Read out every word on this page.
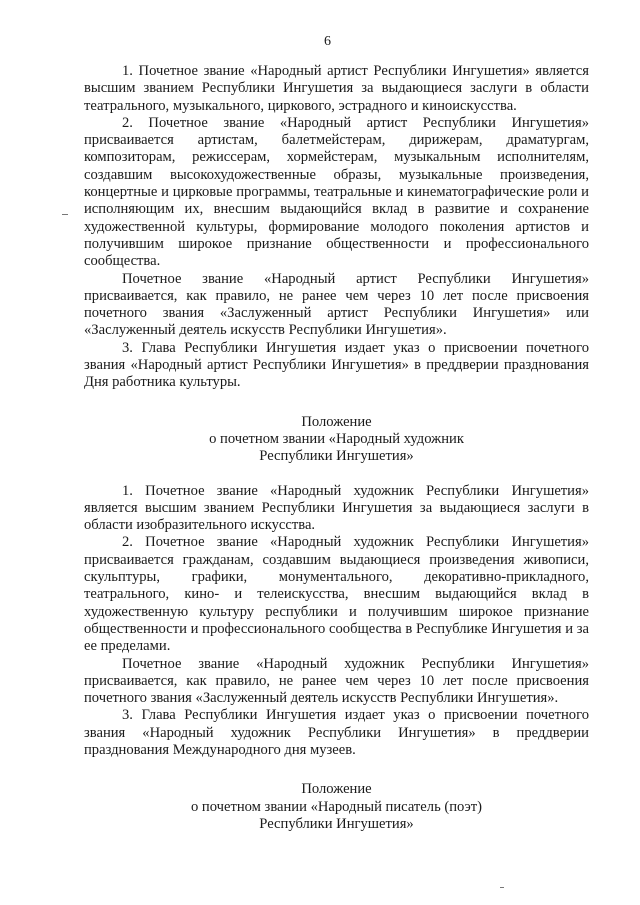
6

1. Почетное звание «Народный артист Республики Ингушетия» является высшим званием Республики Ингушетия за выдающиеся заслуги в области театрального, музыкального, циркового, эстрадного и киноискусства.

2. Почетное звание «Народный артист Республики Ингушетия» присваивается артистам, балетмейстерам, дирижерам, драматургам, композиторам, режиссерам, хормейстерам, музыкальным исполнителям, создавшим высокохудожественные образы, музыкальные произведения, концертные и цирковые программы, театральные и кинематографические роли и исполняющим их, внесшим выдающийся вклад в развитие и сохранение художественной культуры, формирование молодого поколения артистов и получившим широкое признание общественности и профессионального сообщества.

Почетное звание «Народный артист Республики Ингушетия» присваивается, как правило, не ранее чем через 10 лет после присвоения почетного звания «Заслуженный артист Республики Ингушетия» или «Заслуженный деятель искусств Республики Ингушетия».

3. Глава Республики Ингушетия издает указ о присвоении почетного звания «Народный артист Республики Ингушетия» в преддверии празднования Дня работника культуры.

Положение
о почетном звании «Народный художник
Республики Ингушетия»

1. Почетное звание «Народный художник Республики Ингушетия» является высшим званием Республики Ингушетия за выдающиеся заслуги в области изобразительного искусства.

2. Почетное звание «Народный художник Республики Ингушетия» присваивается гражданам, создавшим выдающиеся произведения живописи, скульптуры, графики, монументального, декоративно-прикладного, театрального, кино- и телеискусства, внесшим выдающийся вклад в художественную культуру республики и получившим широкое признание общественности и профессионального сообщества в Республике Ингушетия и за ее пределами.

Почетное звание «Народный художник Республики Ингушетия» присваивается, как правило, не ранее чем через 10 лет после присвоения почетного звания «Заслуженный деятель искусств Республики Ингушетия».

3. Глава Республики Ингушетия издает указ о присвоении почетного звания «Народный художник Республики Ингушетия» в преддверии празднования Международного дня музеев.

Положение
о почетном звании «Народный писатель (поэт)
Республики Ингушетия»
